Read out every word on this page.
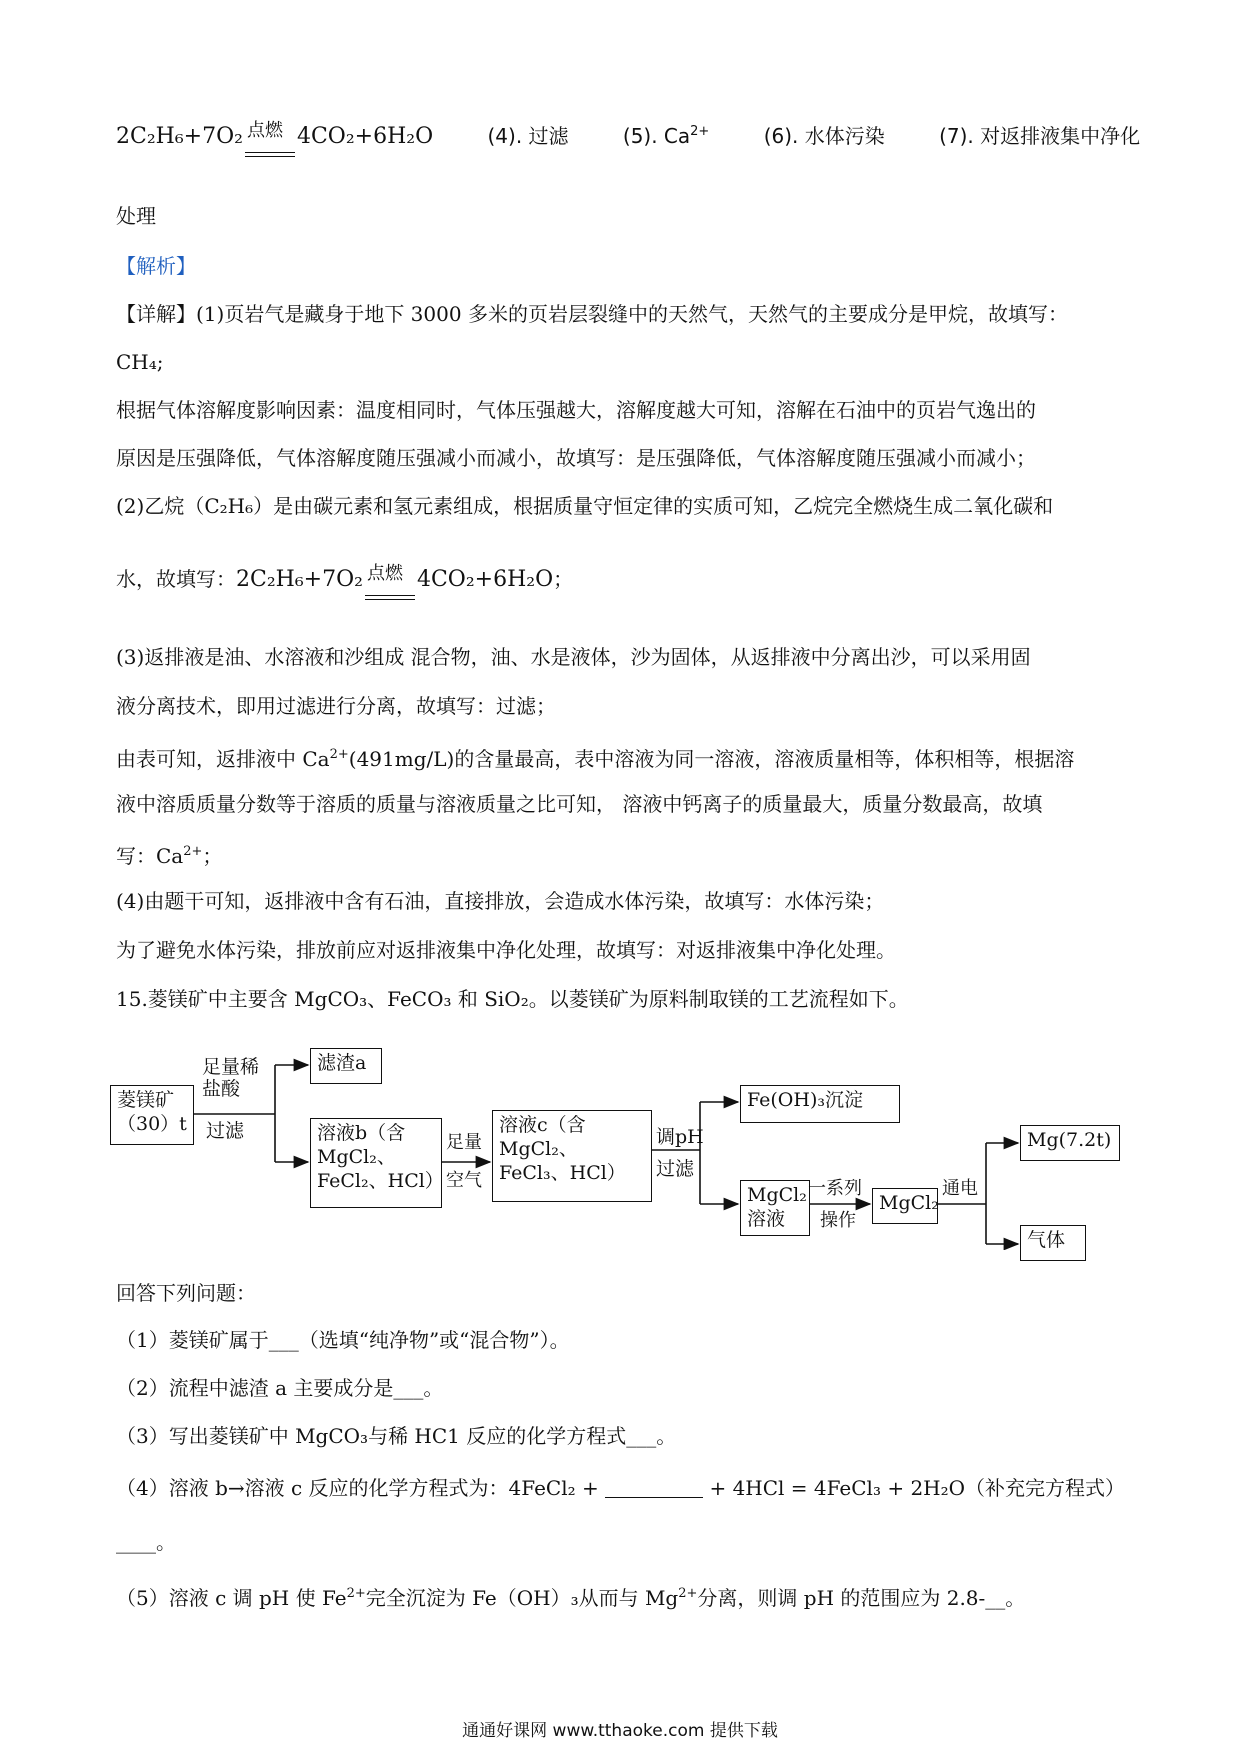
2C₂H₆+7O₂ 点燃 4CO₂+6H₂O	(4). 过滤	(5). $Ca^{2+}$	(6). 水体污染	(7). 对返排液集中净化
处理
【解析】
【详解】(1)页岩气是藏身于地下 3000 多米的页岩层裂缝中的天然气，天然气的主要成分是甲烷，故填写：
CH₄;
根据气体溶解度影响因素：温度相同时，气体压强越大，溶解度越大可知，溶解在石油中的页岩气逸出的
原因是压强降低，气体溶解度随压强减小而减小，故填写：是压强降低，气体溶解度随压强减小而减小；
(2)乙烷（C₂H₆）是由碳元素和氢元素组成，根据质量守恒定律的实质可知，乙烷完全燃烧生成二氧化碳和
水，故填写：2C₂H₆+7O₂ 点燃 4CO₂+6H₂O；
(3)返排液是油、水溶液和沙组成 混合物，油、水是液体，沙为固体，从返排液中分离出沙，可以采用固
液分离技术，即用过滤进行分离，故填写：过滤；
由表可知，返排液中 $Ca^{2+}(491mg/L)$的含量最高，表中溶液为同一溶液，溶液质量相等，体积相等，根据溶
液中溶质质量分数等于溶质的质量与溶液质量之比可知， 溶液中钙离子的质量最大，质量分数最高，故填
写：$Ca^{2+}$；
(4)由题干可知，返排液中含有石油，直接排放，会造成水体污染，故填写：水体污染；
为了避免水体污染，排放前应对返排液集中净化处理，故填写：对返排液集中净化处理。
15.菱镁矿中主要含 MgCO₃、FeCO₃ 和 SiO₂。以菱镁矿为原料制取镁的工艺流程如下。
菱镁矿（30）t
足量稀盐酸
过滤
滤渣a
溶液b（含MgCl₂、FeCl₂、HCl）
足量
空气
溶液c（含MgCl₂、FeCl₃、HCl）
调pH
过滤
Fe(OH)₃沉淀
MgCl₂溶液
一系列
操作
MgCl₂
通电
Mg(7.2t)
气体
回答下列问题：
（1）菱镁矿属于___（选填“纯净物”或“混合物”）。
（2）流程中滤渣 a 主要成分是___。
（3）写出菱镁矿中 MgCO₃与稀 HC1 反应的化学方程式___。
（4）溶液 b→溶液 c 反应的化学方程式为：4FeCl₂ +	+ 4HCl = 4FeCl₃ + 2H₂O（补充完方程式）
____。
（5）溶液 c 调 pH 使 $Fe^{2+}$完全沉淀为 Fe（OH）₃从而与 $Mg^{2+}$分离，则调 pH 的范围应为 2.8-__。
通通好课网 www.tthaoke.com 提供下载
